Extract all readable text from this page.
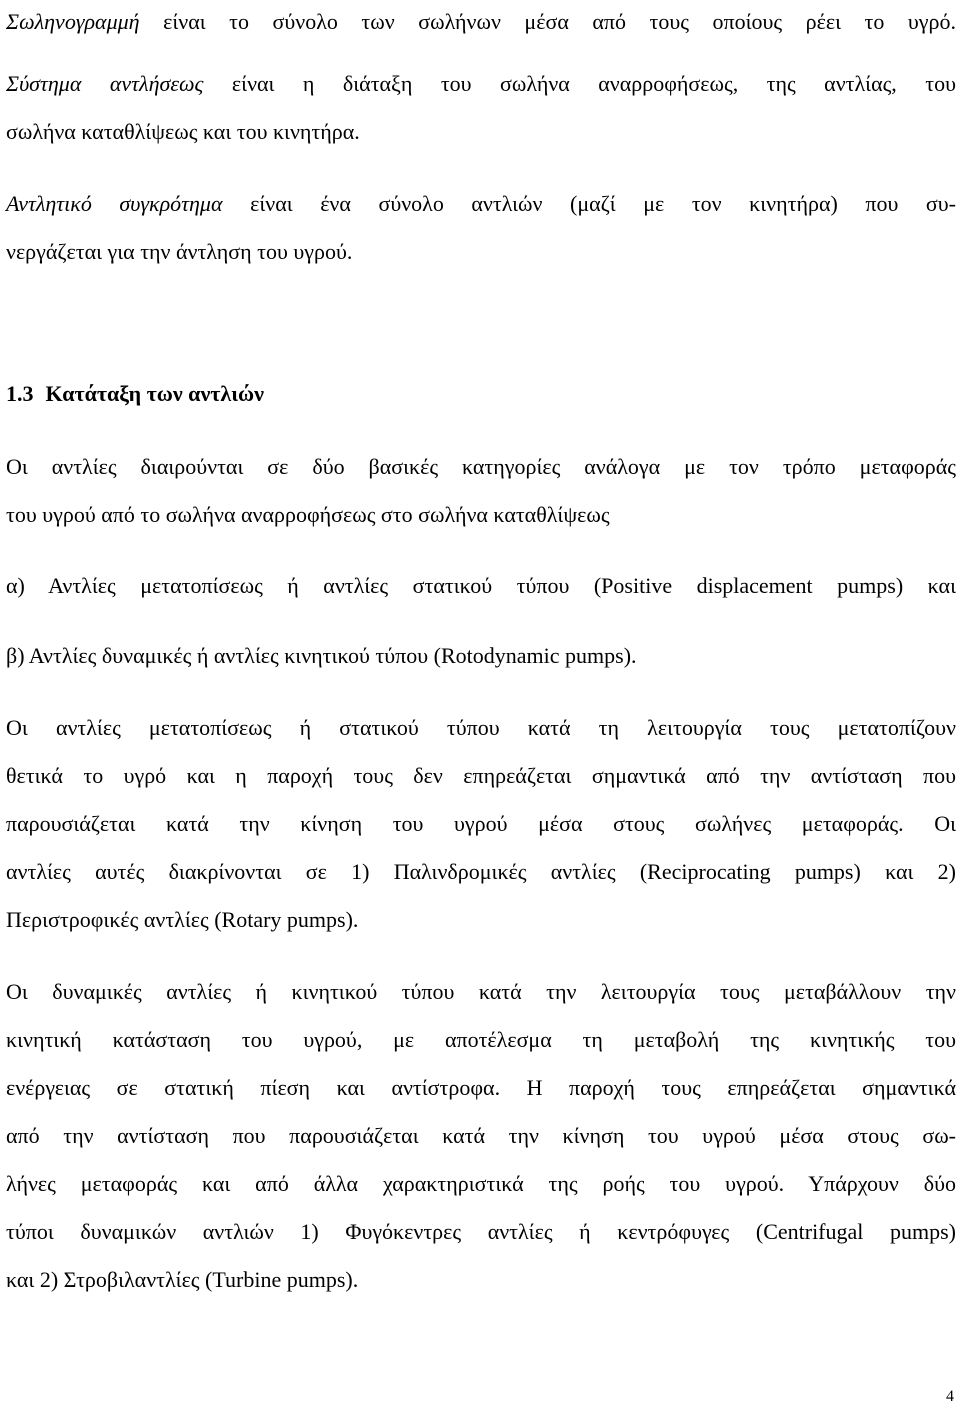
Σωληνογραμμή είναι το σύνολο των σωλήνων μέσα από τους οποίους ρέει το υγρό.

Σύστημα αντλήσεως είναι η διάταξη του σωλήνα αναρροφήσεως, της αντλίας, του
σωλήνα καταθλίψεως και του κινητήρα.

Αντλητικό συγκρότημα είναι ένα σύνολο αντλιών (μαζί με τον κινητήρα) που συ-
νεργάζεται για την άντληση του υγρού.

1.3 Κατάταξη των αντλιών

Οι αντλίες διαιρούνται σε δύο βασικές κατηγορίες ανάλογα με τον τρόπο μεταφοράς
του υγρού από το σωλήνα αναρροφήσεως στο σωλήνα καταθλίψεως

α) Αντλίες μετατοπίσεως ή αντλίες στατικού τύπου (Positive displacement pumps) και

β) Αντλίες δυναμικές ή αντλίες κινητικού τύπου (Rotodynamic pumps).

Οι αντλίες μετατοπίσεως ή στατικού τύπου κατά τη λειτουργία τους μετατοπίζουν
θετικά το υγρό και η παροχή τους δεν επηρεάζεται σημαντικά από την αντίσταση που
παρουσιάζεται κατά την κίνηση του υγρού μέσα στους σωλήνες μεταφοράς. Οι
αντλίες αυτές διακρίνονται σε 1) Παλινδρομικές αντλίες (Reciprocating pumps) και 2)
Περιστροφικές αντλίες (Rotary pumps).

Οι δυναμικές αντλίες ή κινητικού τύπου κατά την λειτουργία τους μεταβάλλουν την
κινητική κατάσταση του υγρού, με αποτέλεσμα τη μεταβολή της κινητικής του
ενέργειας σε στατική πίεση και αντίστροφα. Η παροχή τους επηρεάζεται σημαντικά
από την αντίσταση που παρουσιάζεται κατά την κίνηση του υγρού μέσα στους σω-
λήνες μεταφοράς και από άλλα χαρακτηριστικά της ροής του υγρού. Υπάρχουν δύο
τύποι δυναμικών αντλιών 1) Φυγόκεντρες αντλίες ή κεντρόφυγες (Centrifugal pumps)
και 2) Στροβιλαντλίες (Turbine pumps).

4
